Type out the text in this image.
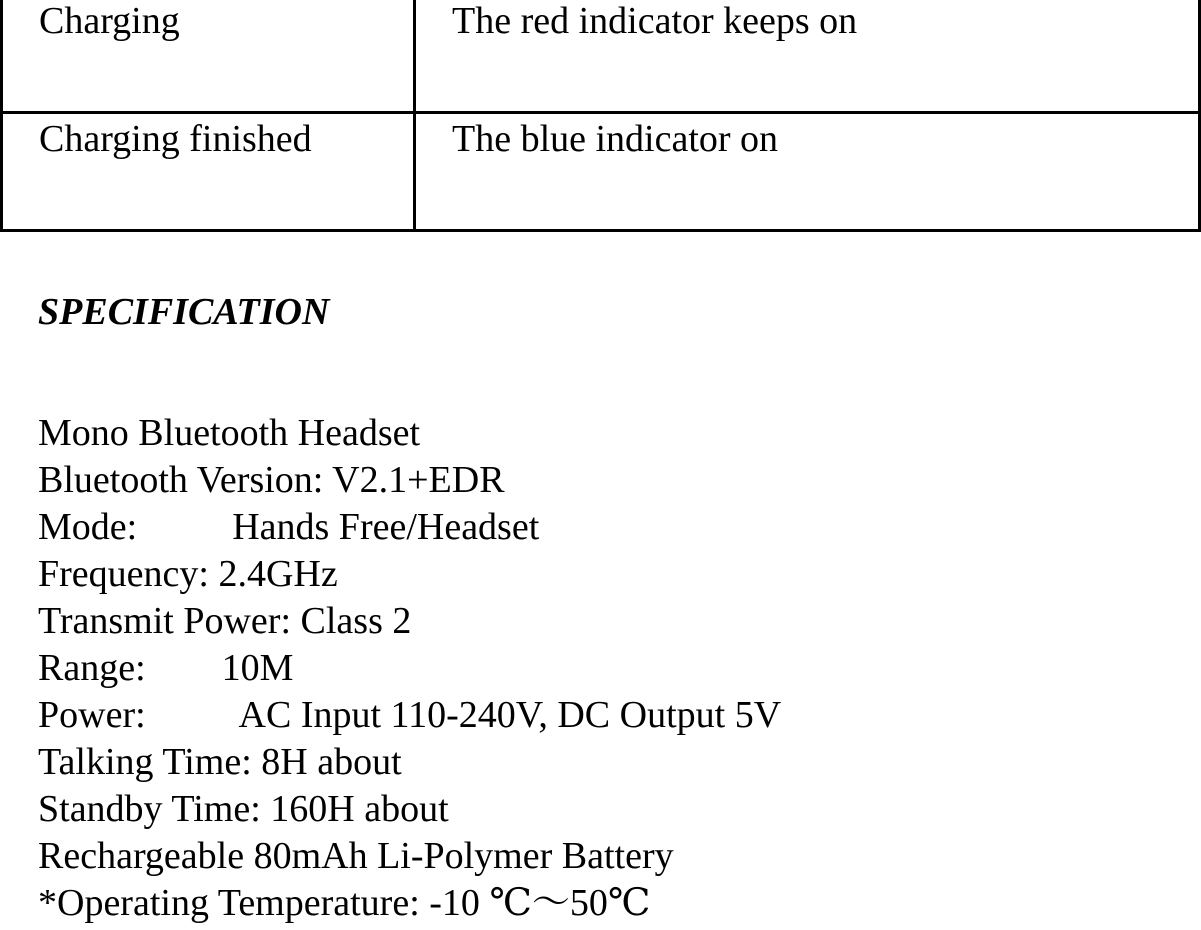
Charging	The red indicator keeps on

Charging finished	The blue indicator on
SPECIFICATION
Mono Bluetooth Headset
Bluetooth Version: V2.1+EDR
Mode:          Hands Free/Headset
Frequency: 2.4GHz
Transmit Power: Class 2
Range:        10M
Power:          AC Input 110-240V, DC Output 5V
Talking Time: 8H about
Standby Time: 160H about
Rechargeable 80mAh Li-Polymer Battery
*Operating Temperature: -10 ℃～50℃
